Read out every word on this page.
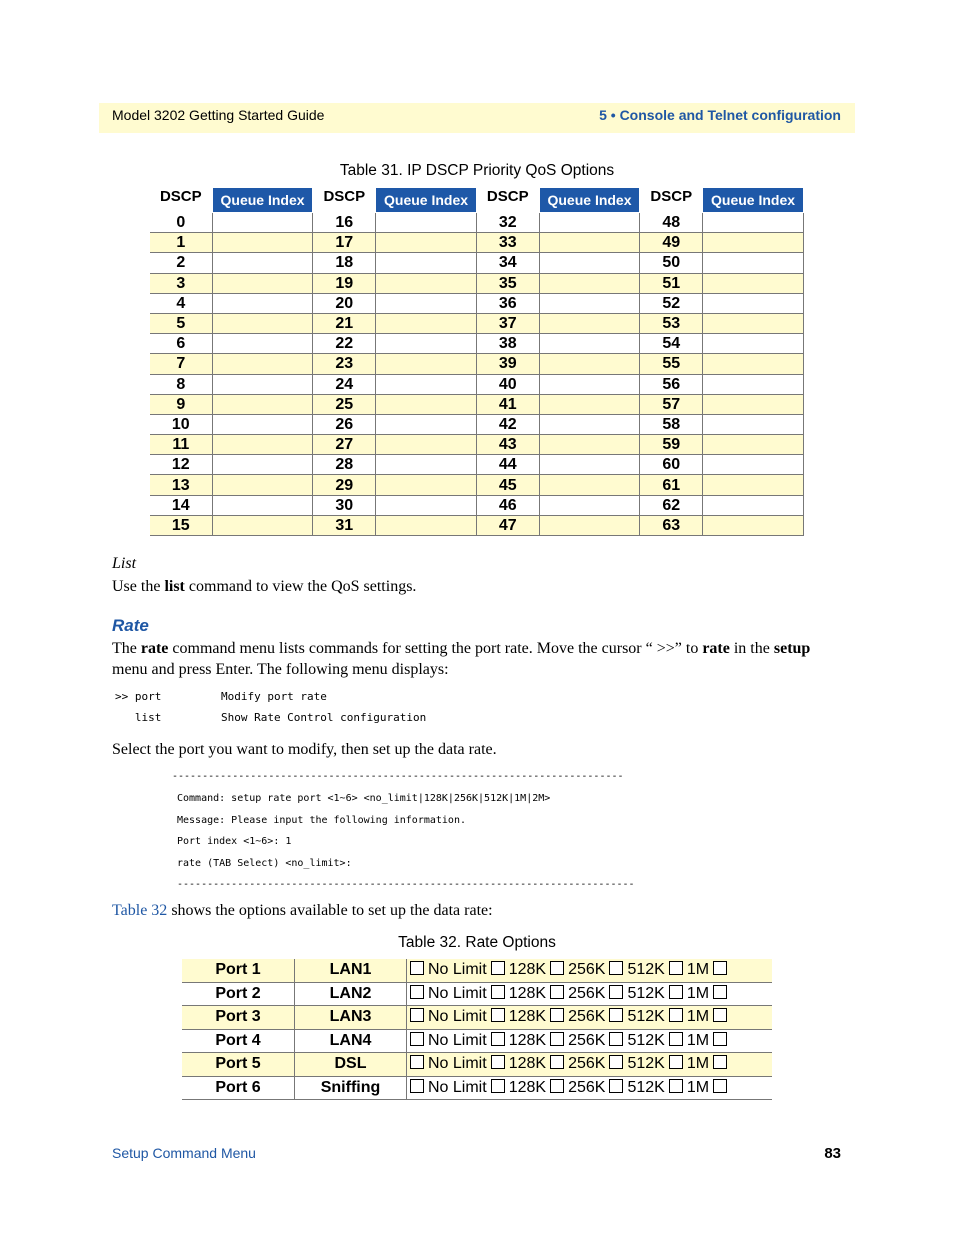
Model 3202 Getting Started Guide	5 • Console and Telnet configuration
Table 31. IP DSCP Priority QoS Options
DSCP	Queue Index	DSCP	Queue Index	DSCP	Queue Index	DSCP	Queue Index
0		16		32		48	
1		17		33		49	
2		18		34		50	
3		19		35		51	
4		20		36		52	
5		21		37		53	
6		22		38		54	
7		23		39		55	
8		24		40		56	
9		25		41		57	
10		26		42		58	
11		27		43		59	
12		28		44		60	
13		29		45		61	
14		30		46		62	
15		31		47		63	
List
Use the list command to view the QoS settings.
Rate
The rate command menu lists commands for setting the port rate. Move the cursor “ >>” to rate in the setup menu and press Enter. The following menu displays:
>> port         Modify port rate
list         Show Rate Control configuration
Select the port you want to modify, then set up the data rate.
---------------------------------------------------------------------------
Command: setup rate port <1~6> <no_limit|128K|256K|512K|1M|2M>
Message: Please input the following information.
Port index <1~6>: 1
rate (TAB Select) <no_limit>:
----------------------------------------------------------------------------
Table 32 shows the options available to set up the data rate:
Table 32. Rate Options
Port 1	LAN1	No Limit 128K 256K 512K 1M
Port 2	LAN2	No Limit 128K 256K 512K 1M
Port 3	LAN3	No Limit 128K 256K 512K 1M
Port 4	LAN4	No Limit 128K 256K 512K 1M
Port 5	DSL	No Limit 128K 256K 512K 1M
Port 6	Sniffing	No Limit 128K 256K 512K 1M
Setup Command Menu	83
